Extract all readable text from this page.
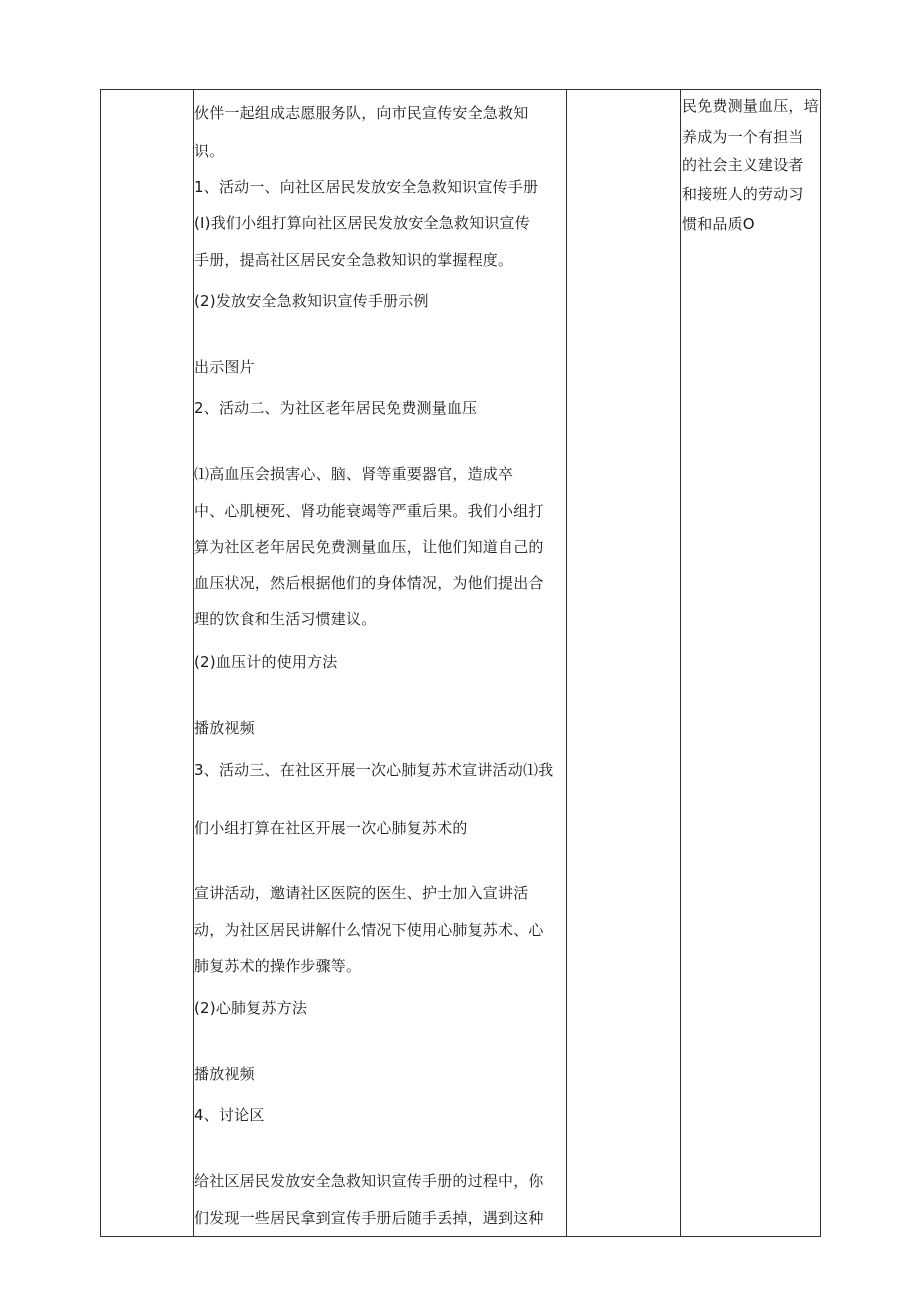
伙伴一起组成志愿服务队，向市民宣传安全急救知
识。
1、活动一、向社区居民发放安全急救知识宣传手册
(I)我们小组打算向社区居民发放安全急救知识宣传
手册，提高社区居民安全急救知识的掌握程度。
(2)发放安全急救知识宣传手册示例
出示图片
2、活动二、为社区老年居民免费测量血压
⑴高血压会损害心、脑、肾等重要器官，造成卒
中、心肌梗死、肾功能衰竭等严重后果。我们小组打
算为社区老年居民免费测量血压，让他们知道自己的
血压状况，然后根据他们的身体情况，为他们提出合
理的饮食和生活习惯建议。
(2)血压计的使用方法
播放视频
3、活动三、在社区开展一次心肺复苏术宣讲活动⑴我
们小组打算在社区开展一次心肺复苏术的
宣讲活动，邀请社区医院的医生、护士加入宣讲活
动，为社区居民讲解什么情况下使用心肺复苏术、心
肺复苏术的操作步骤等。
(2)心肺复苏方法
播放视频
4、讨论区
给社区居民发放安全急救知识宣传手册的过程中，你
们发现一些居民拿到宣传手册后随手丢掉，遇到这种
民免费测量血压，培
养成为一个有担当
的社会主义建设者
和接班人的劳动习
惯和品质O
